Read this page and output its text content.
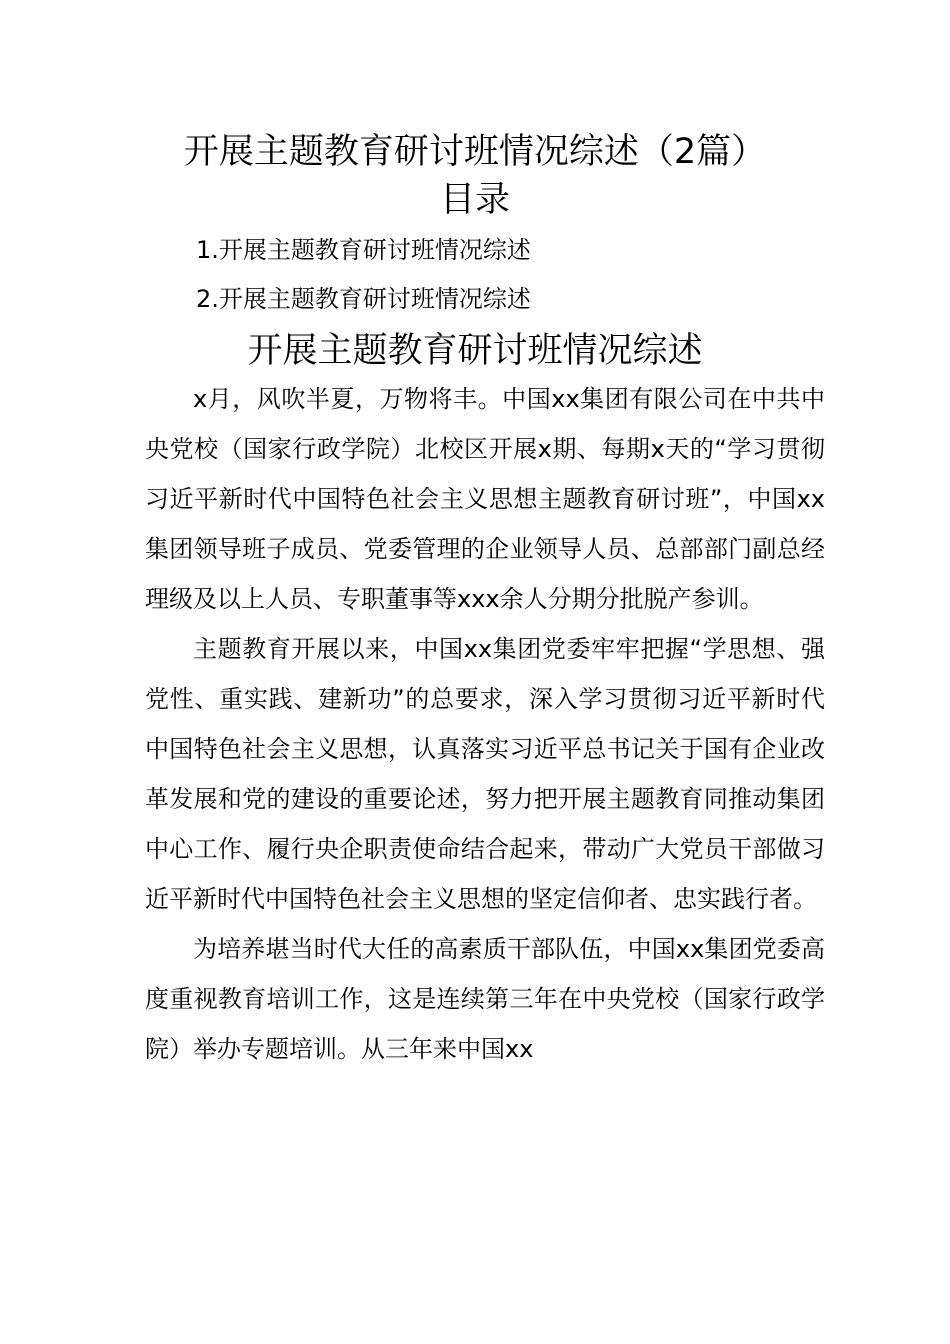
开展主题教育研讨班情况综述（2篇）
目录
1.开展主题教育研讨班情况综述
2.开展主题教育研讨班情况综述
开展主题教育研讨班情况综述

x月，风吹半夏，万物将丰。中国xx集团有限公司在中共中央党校（国家行政学院）北校区开展x期、每期x天的“学习贯彻习近平新时代中国特色社会主义思想主题教育研讨班”，中国xx集团领导班子成员、党委管理的企业领导人员、总部部门副总经理级及以上人员、专职董事等xxx余人分期分批脱产参训。

主题教育开展以来，中国xx集团党委牢牢把握“学思想、强党性、重实践、建新功”的总要求，深入学习贯彻习近平新时代中国特色社会主义思想，认真落实习近平总书记关于国有企业改革发展和党的建设的重要论述，努力把开展主题教育同推动集团中心工作、履行央企职责使命结合起来，带动广大党员干部做习近平新时代中国特色社会主义思想的坚定信仰者、忠实践行者。

为培养堪当时代大任的高素质干部队伍，中国xx集团党委高度重视教育培训工作，这是连续第三年在中央党校（国家行政学院）举办专题培训。从三年来中国xx
